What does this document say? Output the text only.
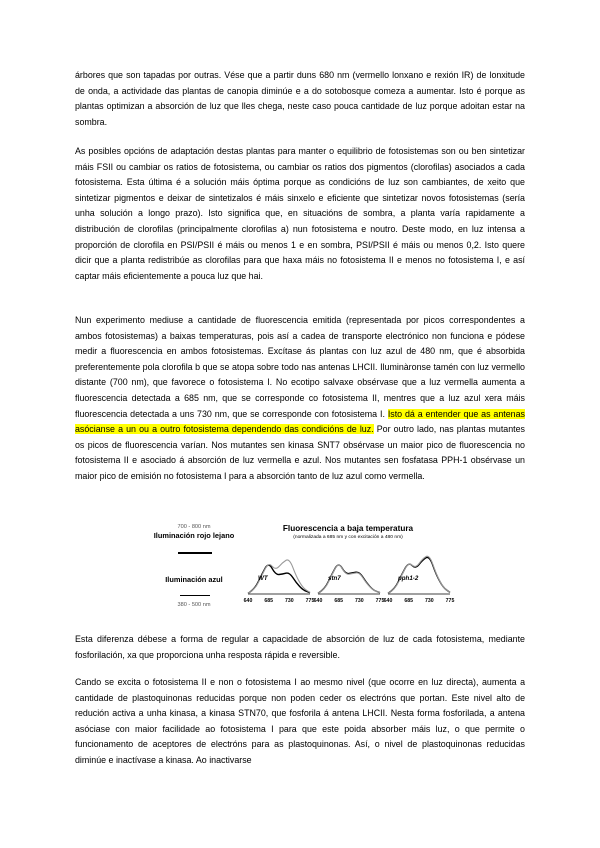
árbores que son tapadas por outras. Vése que a partir duns 680 nm (vermello lonxano e rexión IR) de lonxitude de onda, a actividade das plantas de canopia diminúe e a do sotobosque comeza a aumentar. Isto é porque as plantas optimizan a absorción de luz que lles chega, neste caso pouca cantidade de luz porque adoitan estar na sombra.

As posibles opcións de adaptación destas plantas para manter o equilibrio de fotosistemas son ou ben sintetizar máis FSII ou cambiar os ratios de fotosistema, ou cambiar os ratios dos pigmentos (clorofilas) asociados a cada fotosistema. Esta última é a solución máis óptima porque as condicións de luz son cambiantes, de xeito que sintetizar pigmentos e deixar de sintetizalos é máis sinxelo e eficiente que sintetizar novos fotosistemas (sería unha solución a longo prazo). Isto significa que, en situacións de sombra, a planta varía rapidamente a distribución de clorofilas (principalmente clorofilas a) nun fotosistema e noutro. Deste modo, en luz intensa a proporción de clorofila en PSI/PSII é máis ou menos 1 e en sombra, PSI/PSII é máis ou menos 0,2. Isto quere dicir que a planta redistribúe as clorofilas para que haxa máis no fotosistema II e menos no fotosistema I, e así captar máis eficientemente a pouca luz que hai.

Nun experimento mediuse a cantidade de fluorescencia emitida (representada por picos correspondentes a ambos fotosistemas) a baixas temperaturas, pois así a cadea de transporte electrónico non funciona e pódese medir a fluorescencia en ambos fotosistemas. Excítase ás plantas con luz azul de 480 nm, que é absorbida preferentemente pola clorofila b que se atopa sobre todo nas antenas LHCII. Iluminàronse tamén con luz vermello distante (700 nm), que favorece o fotosistema I. No ecotipo salvaxe obsérvase que a luz vermella aumenta a fluorescencia detectada a 685 nm, que se corresponde co fotosistema II, mentres que a luz azul xera máis fluorescencia detectada a uns 730 nm, que se corresponde con fotosistema I. Isto dá a entender que as antenas asócianse a un ou a outro fotosistema dependendo das condicións de luz. Por outro lado, nas plantas mutantes os picos de fluorescencia varían. Nos mutantes sen kinasa SNT7 obsérvase un maior pico de fluorescencia no fotosistema II e asociado á absorción de luz vermella e azul. Nos mutantes sen fosfatasa PPH-1 obsérvase un maior pico de emisión no fotosistema I para a absorción tanto de luz azul como vermella.

700 - 800 nm
Iluminación rojo lejano
Iluminación azul
380 - 500 nm
Fluorescencia a baja temperatura
(normalizada a 685 nm y con excitación a 480 nm)
WT
640 685 730 775
stn7
640 685 730 775
pph1-2
640 685 730 775

Esta diferenza débese a forma de regular a capacidade de absorción de luz de cada fotosistema, mediante fosforilación, xa que proporciona unha resposta rápida e reversible.

Cando se excita o fotosistema II e non o fotosistema I ao mesmo nivel (que ocorre en luz directa), aumenta a cantidade de plastoquinonas reducidas porque non poden ceder os electróns que portan. Este nivel alto de redución activa a unha kinasa, a kinasa STN70, que fosforila á antena LHCII. Nesta forma fosforilada, a antena asóciase con maior facilidade ao fotosistema I para que este poida absorber máis luz, o que permite o funcionamento de aceptores de electróns para as plastoquinonas. Así, o nivel de plastoquinonas reducidas diminúe e inactívase a kinasa. Ao inactivarse
